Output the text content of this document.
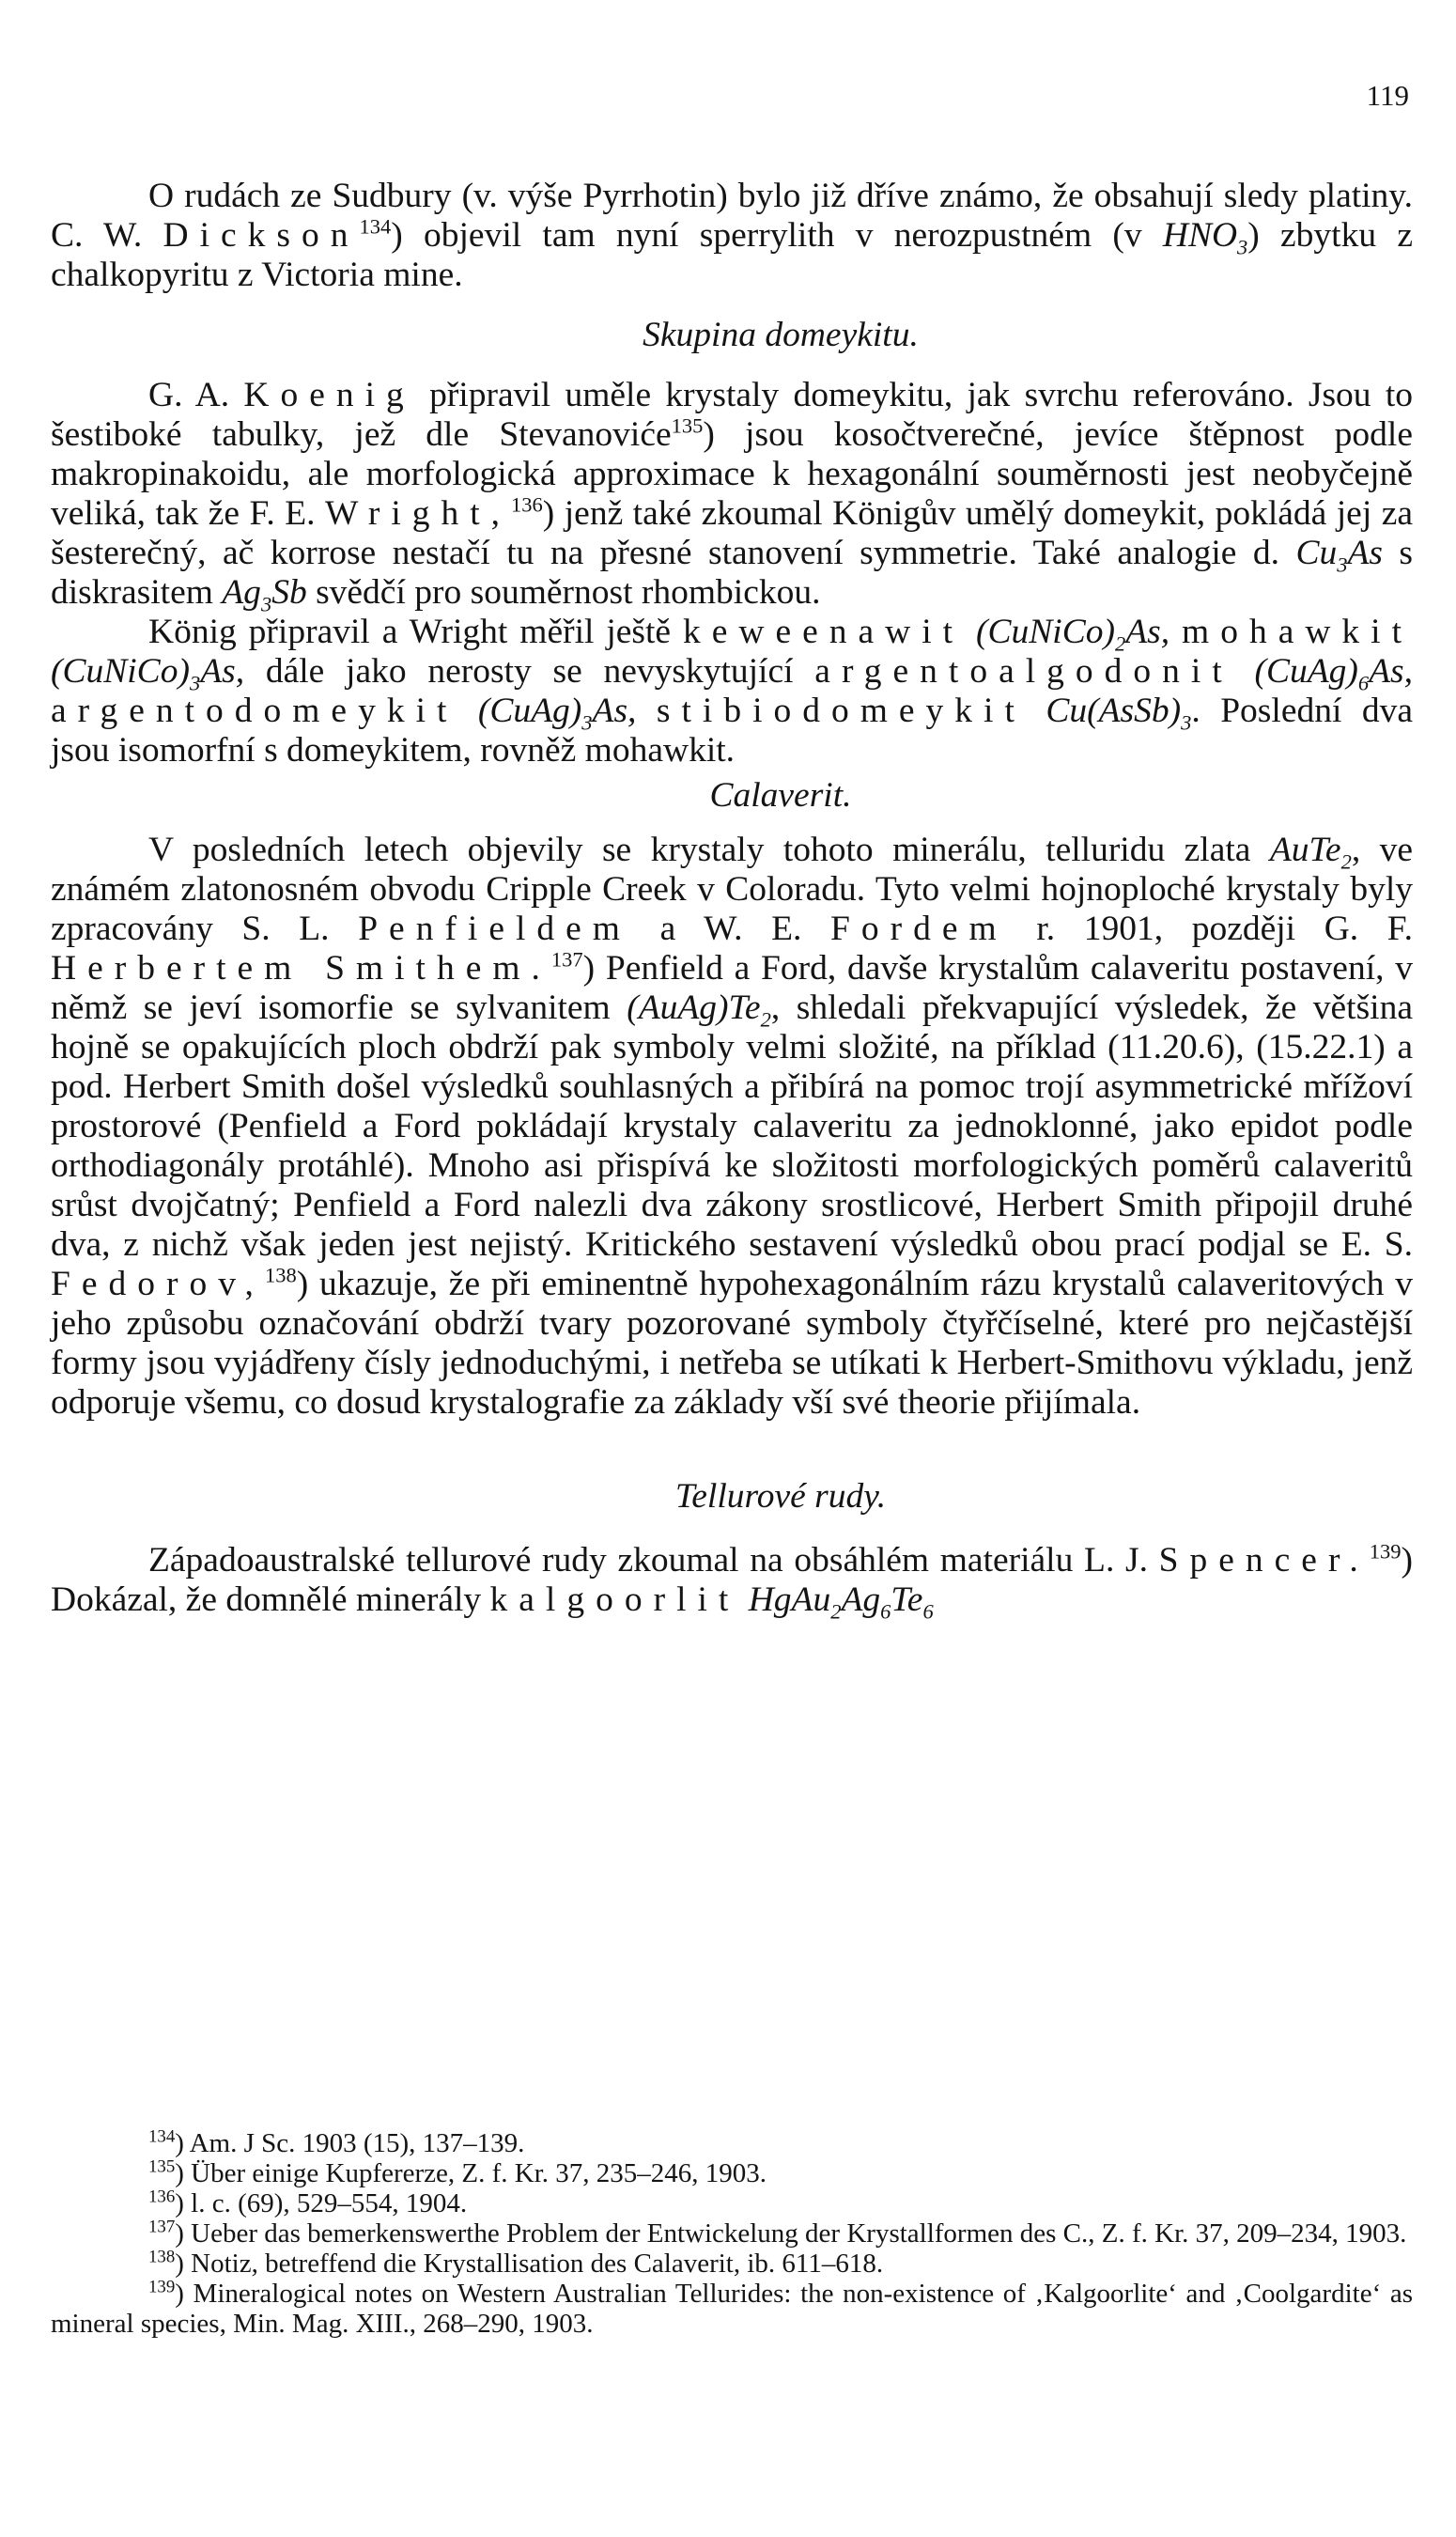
119

O rudách ze Sudbury (v. výše Pyrrhotin) bylo již dříve známo, že obsahují sledy platiny. C. W. Dickson$^{134}$) objevil tam nyní sperrylith v nerozpustném (v $HNO_3$) zbytku z chalkopyritu z Victoria mine.

Skupina domeykitu.

G. A. Koenig připravil uměle krystaly domeykitu, jak svrchu referováno. Jsou to šestiboké tabulky, jež dle Stevanoviće$^{135}$) jsou kosočtverečné, jevíce štěpnost podle makropinakoidu, ale morfologická approximace k hexagonální souměrnosti jest neobyčejně veliká, tak že F. E. Wright,$^{136}$) jenž také zkoumal Königův umělý domeykit, pokládá jej za šesterečný, ač korrose nestačí tu na přesné stanovení symmetrie. Také analogie d. $Cu_3As$ s diskrasitem $Ag_3Sb$ svědčí pro souměrnost rhombickou.

König připravil a Wright měřil ještě keweenawit $(CuNiCo)_2As$, mohawkit $(CuNiCo)_3As$, dále jako nerosty se nevyskytující argentoalgodonit $(CuAg)_6As$, argentodomeykit $(CuAg)_3As$, stibiodomeykit $Cu(AsSb)_3$. Poslední dva jsou isomorfní s domeykitem, rovněž mohawkit.

Calaverit.

V posledních letech objevily se krystaly tohoto minerálu, telluridu zlata AuTe$_2$, ve známém zlatonosném obvodu Cripple Creek v Coloradu. Tyto velmi hojnoploché krystaly byly zpracovány S. L. Penfieldem a W. E. Fordem r. 1901, později G. F. Herbertem Smithem.$^{137}$) Penfield a Ford, davše krystalům calaveritu postavení, v němž se jeví isomorfie se sylvanitem $(AuAg)Te_2$, shledali překvapující výsledek, že většina hojně se opakujících ploch obdrží pak symboly velmi složité, na příklad (11.20.6), (15.22.1) a pod. Herbert Smith došel výsledků souhlasných a přibírá na pomoc trojí asymmetrické mřížoví prostorové (Penfield a Ford pokládají krystaly calaveritu za jednoklonné, jako epidot podle orthodiagonály protáhlé). Mnoho asi přispívá ke složitosti morfologických poměrů calaveritů srůst dvojčatný; Penfield a Ford nalezli dva zákony srostlicové, Herbert Smith připojil druhé dva, z nichž však jeden jest nejistý. Kritického sestavení výsledků obou prací podjal se E. S. Fedorov,$^{138}$) ukazuje, že při eminentně hypohexagonálním rázu krystalů calaveritových v jeho způsobu označování obdrží tvary pozorované symboly čtyřčíselné, které pro nejčastější formy jsou vyjádřeny čísly jednoduchými, i netřeba se utíkati k Herbert-Smithovu výkladu, jenž odporuje všemu, co dosud krystalografie za základy vší své theorie přijímala.

Tellurové rudy.

Západoaustralské tellurové rudy zkoumal na obsáhlém materiálu L. J. Spencer.$^{139}$) Dokázal, že domnělé minerály kalgoorlit $HgAu_2Ag_6Te_6$

$^{134}$) Am. J Sc. 1903 (15), 137–139.

$^{135}$) Über einige Kupfererze, Z. f. Kr. 37, 235–246, 1903.

$^{136}$) l. c. (69), 529–554, 1904.

$^{137}$) Ueber das bemerkenswerthe Problem der Entwickelung der Krystallformen des C., Z. f. Kr. 37, 209–234, 1903.

$^{138}$) Notiz, betreffend die Krystallisation des Calaverit, ib. 611–618.

$^{139}$) Mineralogical notes on Western Australian Tellurides: the non-existence of ‚Kalgoorlite‘ and ‚Coolgardite‘ as mineral species, Min. Mag. XIII., 268–290, 1903.
